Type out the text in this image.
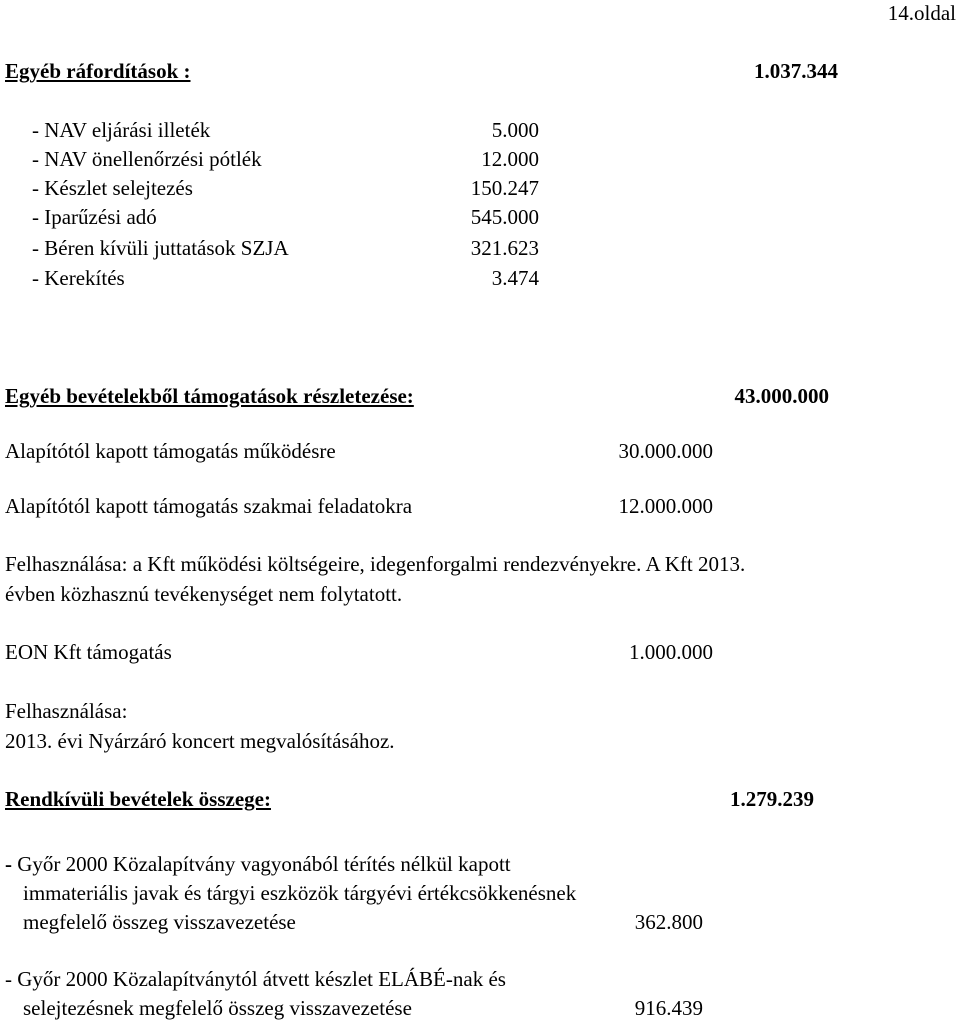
14.oldal
Egyéb ráfordítások :	1.037.344
- NAV eljárási illeték	5.000
- NAV önellenőrzési pótlék	12.000
- Készlet selejtezés	150.247
- Iparűzési adó	545.000
- Béren kívüli juttatások SZJA	321.623
- Kerekítés	3.474
Egyéb bevételekből támogatások részletezése:	43.000.000
Alapítótól kapott támogatás működésre	30.000.000
Alapítótól kapott támogatás szakmai feladatokra	12.000.000
Felhasználása: a Kft működési költségeire, idegenforgalmi rendezvényekre. A Kft 2013.
évben közhasznú tevékenységet nem folytatott.
EON Kft támogatás	1.000.000
Felhasználása:
2013. évi Nyárzáró koncert megvalósításához.
Rendkívüli bevételek összege:	1.279.239
- Győr 2000 Közalapítvány vagyonából térítés nélkül kapott
immateriális javak és tárgyi eszközök tárgyévi értékcsökkenésnek
megfelelő összeg visszavezetése	362.800
- Győr 2000 Közalapítványtól átvett készlet ELÁBÉ-nak és
selejtezésnek megfelelő összeg visszavezetése	916.439
